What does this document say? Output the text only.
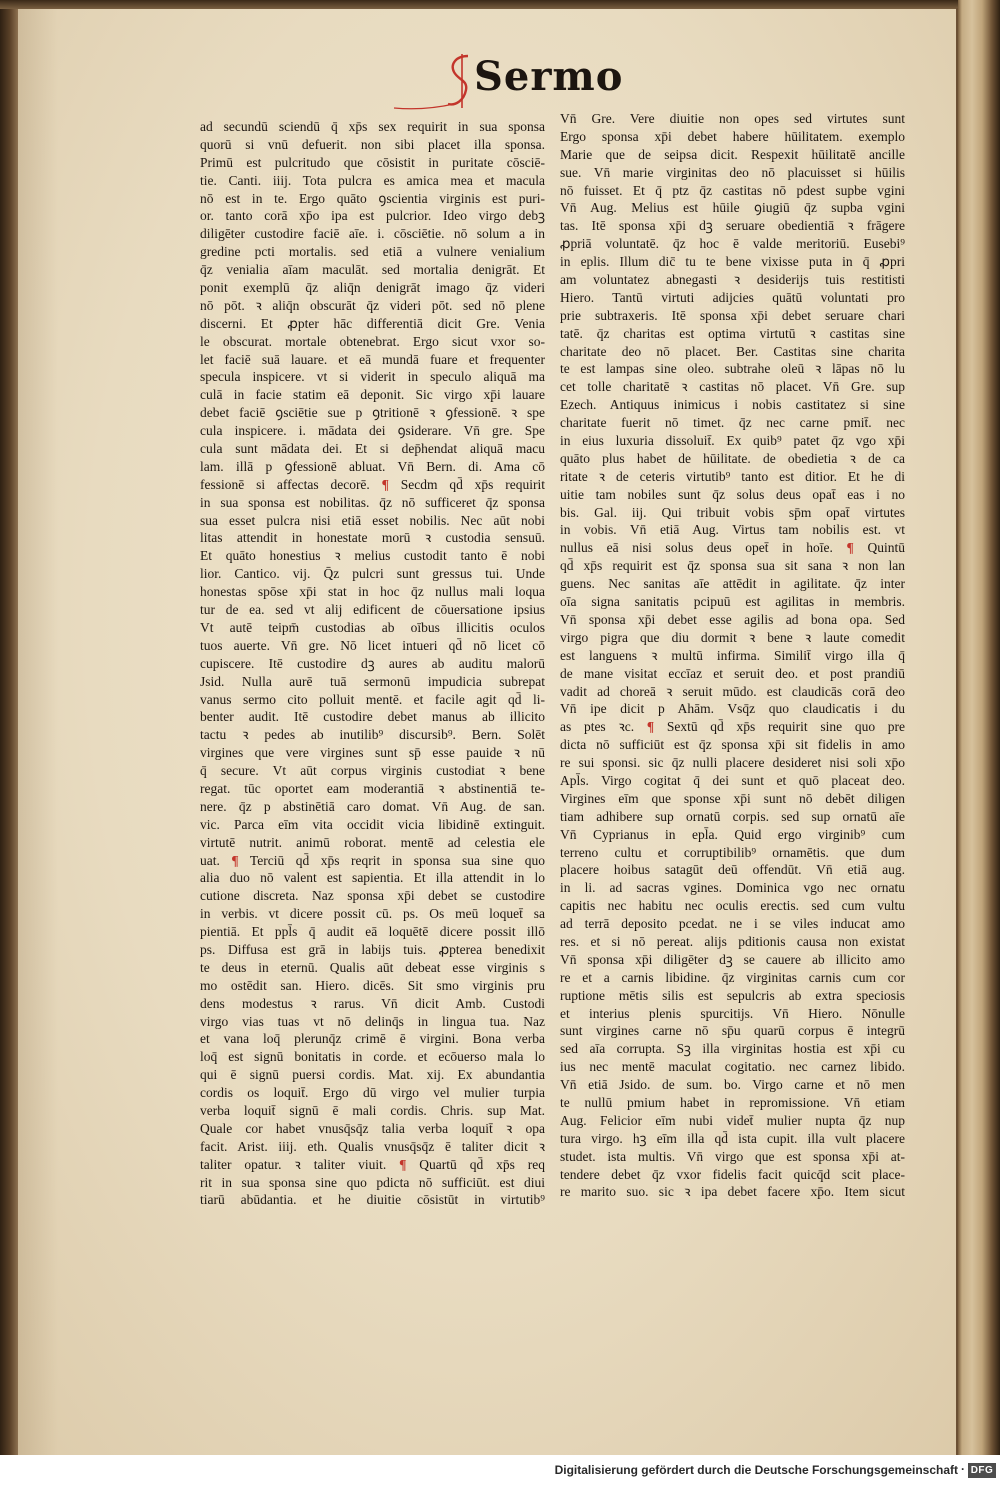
Sermo
ad secundū sciendū q̄ xp̄s sex requirit in sua sponsa
quorū si vnū defuerit. non sibi placet illa sponsa.
Primū est pulcritudo que cōsistit in puritate cōsciē-
tie. Canti. iiij. Tota pulcra es amica mea et macula
nō est in te. Ergo quāto ꝯscientia virginis est puri-
or. tanto corā xp̄o ipa est pulcrior. Ideo virgo debꝫ
diligēter custodire faciē aīe. i. cōsciētie. nō solum a in
gredine pcti mortalis. sed etiā a vulnere venialium
q̄z venialia aīam maculāt. sed mortalia denigrāt. Et
ponit exemplū q̄z aliq̄n denigrāt imago q̄z videri
nō pōt. ꝛ aliq̄n obscurāt q̄z videri pōt. sed nō plene
discerni. Et ꝓpter hāc differentiā dicit Gre. Venia
le obscurat. mortale obtenebrat. Ergo sicut vxor so-
let faciē suā lauare. et eā mundā fuare et frequenter
specula inspicere. vt si viderit in speculo aliquā ma
culā in facie statim eā deponit. Sic virgo xp̄i lauare
debet faciē ꝯsciētie sue p ꝯtritionē ꝛ ꝯfessionē. ꝛ spe
cula inspicere. i. mādata dei ꝯsiderare. Vn̄ gre. Spe
cula sunt mādata dei. Et si dep̄hendat aliquā macu
lam. illā p ꝯfessionē abluat. Vn̄ Bern. di. Ama cō
fessionē si affectas decorē. ¶ Secdm qd̄ xp̄s requirit
in sua sponsa est nobilitas. q̄z nō sufficeret q̄z sponsa
sua esset pulcra nisi etiā esset nobilis. Nec aūt nobi
litas attendit in honestate morū ꝛ custodia sensuū.
Et quāto honestius ꝛ melius custodit tanto ē nobi
lior. Cantico. vij. Q̄z pulcri sunt gressus tui. Unde
honestas spōse xp̄i stat in hoc q̄z nullus mali loqua
tur de ea. sed vt alij edificent de cōuersatione ipsius
Vt autē teipm̄ custodias ab oībus illicitis oculos
tuos auerte. Vn̄ gre. Nō licet intueri qd̄ nō licet cō
cupiscere. Itē custodire dꝫ aures ab auditu malorū
Jsid. Nulla aurē tuā sermonū impudicia subrepat
vanus sermo cito polluit mentē. et facile agit qd̄ li-
benter audit. Itē custodire debet manus ab illicito
tactu ꝛ pedes ab inutilib⁹ discursib⁹. Bern. Solēt
virgines que vere virgines sunt sp̄ esse pauide ꝛ nū
q̄ secure. Vt aūt corpus virginis custodiat ꝛ bene
regat. tūc oportet eam moderantiā ꝛ abstinentiā te-
nere. q̄z p abstinētiā caro domat. Vn̄ Aug. de san.
vic. Parca eīm vita occidit vicia libidinē extinguit.
virtutē nutrit. animū roborat. mentē ad celestia ele
uat. ¶ Terciū qd̄ xp̄s reqrit in sponsa sua sine quo
alia duo nō valent est sapientia. Et illa attendit in lo
cutione discreta. Naz sponsa xp̄i debet se custodire
in verbis. vt dicere possit cū. ps. Os meū loquet̄ sa
pientiā. Et ppl̄s q̄ audit eā loquētē dicere possit illō
ps. Diffusa est grā in labijs tuis. ꝓpterea benedixit
te deus in eternū. Qualis aūt debeat esse virginis s
mo ostēdit san. Hiero. dicēs. Sit smo virginis pru
dens modestus ꝛ rarus. Vn̄ dicit Amb. Custodi
virgo vias tuas vt nō delinq̄s in lingua tua. Naz
et vana loq̄ plerunq̄z crimē ē virgini. Bona verba
loq̄ est signū bonitatis in corde. et ecōuerso mala lo
qui ē signū puersi cordis. Mat. xij. Ex abundantia
cordis os loquit̄. Ergo dū virgo vel mulier turpia
verba loquit̄ signū ē mali cordis. Chris. sup Mat.
Quale cor habet vnusq̄sq̄z talia verba loquit̄ ꝛ opa
facit. Arist. iiij. eth. Qualis vnusq̄sq̄z ē taliter dicit ꝛ
taliter opatur. ꝛ taliter viuit. ¶ Quartū qd̄ xp̄s req
rit in sua sponsa sine quo pdicta nō sufficiūt. est diui
tiarū abūdantia. et he diuitie cōsistūt in virtutib⁹
Vn̄ Gre. Vere diuitie non opes sed virtutes sunt
Ergo sponsa xp̄i debet habere hūilitatem. exemplo
Marie que de seipsa dicit. Respexit hūilitatē ancille
sue. Vn̄ marie virginitas deo nō placuisset si hūilis
nō fuisset. Et q̄ ptz q̄z castitas nō pdest supbe vgini
Vn̄ Aug. Melius est hūile ꝯiugiū q̄z supba vgini
tas. Itē sponsa xp̄i dꝫ seruare obedientiā ꝛ frāgere
ꝓpriā voluntatē. q̄z hoc ē valde meritoriū. Eusebi⁹
in eplis. Illum dic̄ tu te bene vixisse puta in q̄ ꝓpri
am voluntatez abnegasti ꝛ desiderijs tuis restitisti
Hiero. Tantū virtuti adijcies quātū voluntati pro
prie subtraxeris. Itē sponsa xp̄i debet seruare chari
tatē. q̄z charitas est optima virtutū ꝛ castitas sine
charitate deo nō placet. Ber. Castitas sine charita
te est lampas sine oleo. subtrahe oleū ꝛ lāpas nō lu
cet tolle charitatē ꝛ castitas nō placet. Vn̄ Gre. sup
Ezech. Antiquus inimicus i nobis castitatez si sine
charitate fuerit nō timet. q̄z nec carne pmit̄. nec
in eius luxuria dissoluit̄. Ex quib⁹ patet q̄z vgo xp̄i
quāto plus habet de hūilitate. de obedietia ꝛ de ca
ritate ꝛ de ceteris virtutib⁹ tanto est ditior. Et he di
uitie tam nobiles sunt q̄z solus deus opat̄ eas i no
bis. Gal. iij. Qui tribuit vobis sp̄m opat̄ virtutes
in vobis. Vn̄ etiā Aug. Virtus tam nobilis est. vt
nullus eā nisi solus deus opet̄ in hoīe. ¶ Quintū
qd̄ xp̄s requirit est q̄z sponsa sua sit sana ꝛ non lan
guens. Nec sanitas aīe attēdit in agilitate. q̄z inter
oīa signa sanitatis pcipuū est agilitas in membris.
Vn̄ sponsa xp̄i debet esse agilis ad bona opa. Sed
virgo pigra que diu dormit ꝛ bene ꝛ laute comedit
est languens ꝛ multū infirma. Similit̄ virgo illa q̄
de mane visitat eccīaz et seruit deo. et post prandiū
vadit ad choreā ꝛ seruit mūdo. est claudicās corā deo
Vn̄ ipe dicit p Ahām. Vsq̄z quo claudicatis i du
as ptes ꝛc. ¶ Sextū qd̄ xp̄s requirit sine quo pre
dicta nō sufficiūt est q̄z sponsa xp̄i sit fidelis in amo
re sui sponsi. sic q̄z nulli placere desideret nisi soli xp̄o
Apl̄s. Virgo cogitat q̄ dei sunt et quō placeat deo.
Virgines eīm que sponse xp̄i sunt nō debēt diligen
tiam adhibere sup ornatū corpis. sed sup ornatū aīe
Vn̄ Cyprianus in epl̄a. Quid ergo virginib⁹ cum
terreno cultu et corruptibilib⁹ ornamētis. que dum
placere hoibus satagūt deū offendūt. Vn̄ etiā aug.
in li. ad sacras vgines. Dominica vgo nec ornatu
capitis nec habitu nec oculis erectis. sed cum vultu
ad terrā deposito pcedat. ne i se viles inducat amo
res. et si nō pereat. alijs pditionis causa non existat
Vn̄ sponsa xp̄i diligēter dꝫ se cauere ab illicito amo
re et a carnis libidine. q̄z virginitas carnis cum cor
ruptione mētis silis est sepulcris ab extra speciosis
et interius plenis spurcitijs. Vn̄ Hiero. Nōnulle
sunt virgines carne nō sp̄u quarū corpus ē integrū
sed aīa corrupta. Sꝫ illa virginitas hostia est xp̄i cu
ius nec mentē maculat cogitatio. nec carnez libido.
Vn̄ etiā Jsido. de sum. bo. Virgo carne et nō men
te nullū pmium habet in repromissione. Vn̄ etiam
Aug. Felicior eīm nubi videt̄ mulier nupta q̄z nup
tura virgo. hꝫ eīm illa qd̄ ista cupit. illa vult placere
studet. ista multis. Vn̄ virgo que est sponsa xp̄i at-
tendere debet q̄z vxor fidelis facit quicq̄d scit place-
re marito suo. sic ꝛ ipa debet facere xp̄o. Item sicut
Digitalisierung gefördert durch die Deutsche Forschungsgemeinschaft · DFG
